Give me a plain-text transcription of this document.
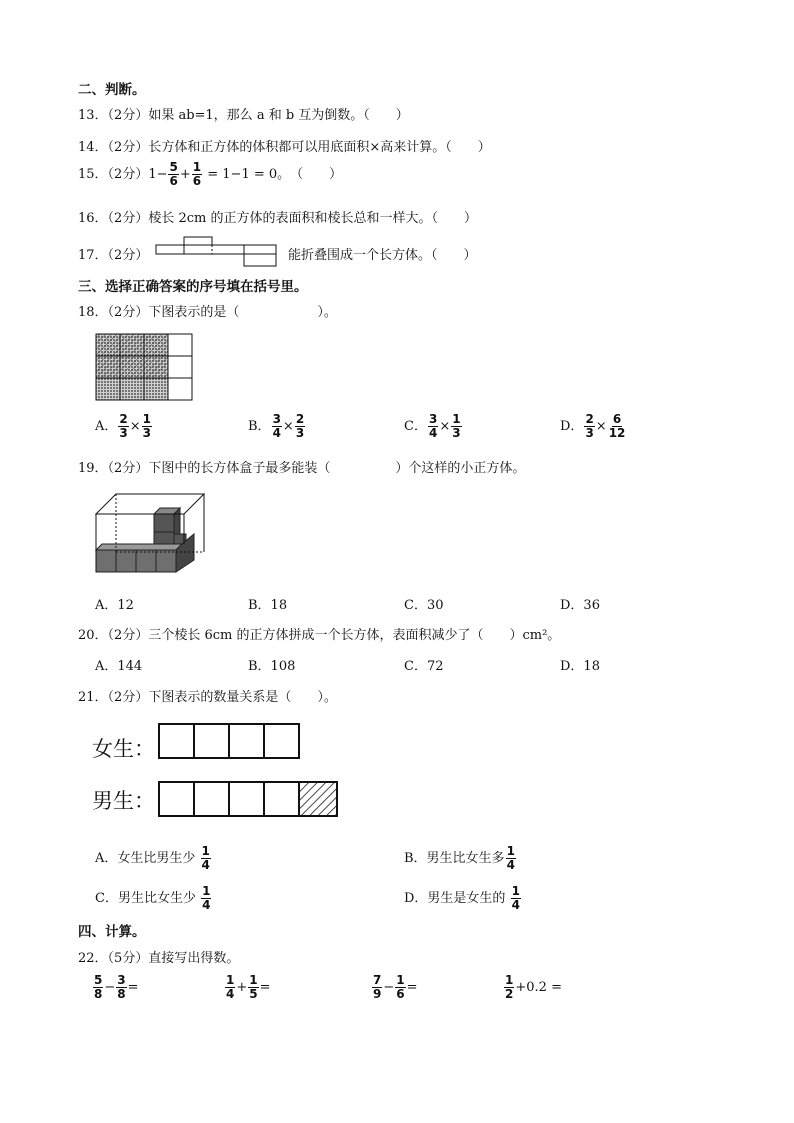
二、判断。
13．（2分）如果 ab=1，那么 a 和 b 互为倒数。（　　）
14．（2分）长方体和正方体的体积都可以用底面积×高来计算。（　　）
15．（2分）$1- \frac{5}{6} + \frac{1}{6} = 1-1 = 0$。　（　　）
16．（2分）棱长 2cm 的正方体的表面积和棱长总和一样大。（　　）
17．（2分）	能折叠围成一个长方体。（　　）
三、选择正确答案的序号填在括号里。
18．（2分）下图表示的是（　　　　　　）。
A． $\frac{2}{3} \times \frac{1}{3}$	B． $\frac{3}{4} \times \frac{2}{3}$	C． $\frac{3}{4} \times \frac{1}{3}$	D． $\frac{2}{3} \times \frac{6}{12}$
19．（2分）下图中的长方体盒子最多能装（　　　　　）个这样的小正方体。
A．12	B．18	C．30	D．36
20．（2分）三个棱长 6cm 的正方体拼成一个长方体，表面积减少了（　　）cm²。
A．144	B．108	C．72	D．18
21．（2分）下图表示的数量关系是（　　）。
女生：
男生：
A．女生比男生少 $\frac{1}{4}$	B．男生比女生多 $\frac{1}{4}$
C．男生比女生少 $\frac{1}{4}$	D．男生是女生的 $\frac{1}{4}$
四、计算。
22．（5分）直接写出得数。
$\frac{5}{8} - \frac{3}{8}$ =	$\frac{1}{4} + \frac{1}{5}$ =	$\frac{7}{9} - \frac{1}{6}$ =	$\frac{1}{2} +0.2$ =
